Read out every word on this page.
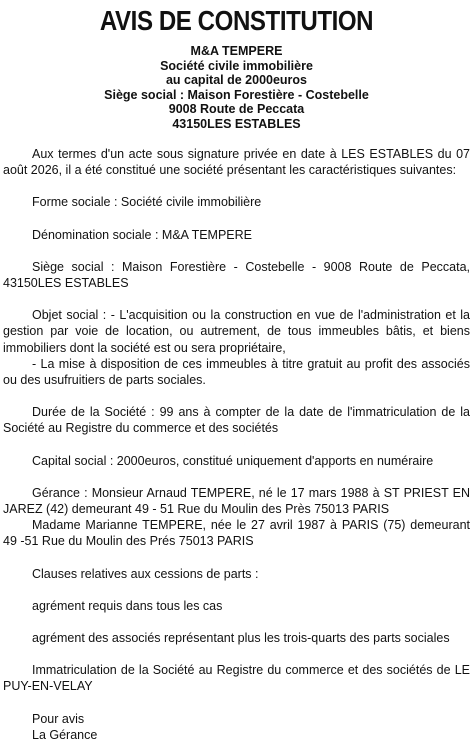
AVIS DE CONSTITUTION
M&A TEMPERE
Société civile immobilière
au capital de 2000euros
Siège social : Maison Forestière - Costebelle
9008 Route de Peccata
43150LES ESTABLES

Aux termes d'un acte sous signature privée en date à LES ESTABLES du 07 août 2026, il a été constitué une société présentant les caractéristiques suivantes:

Forme sociale : Société civile immobilière

Dénomination sociale : M&A TEMPERE

Siège social : Maison Forestière - Costebelle - 9008 Route de Peccata, 43150LES ESTABLES

Objet social : - L'acquisition ou la construction en vue de l'administration et la gestion par voie de location, ou autrement, de tous immeubles bâtis, et biens immobiliers dont la société est ou sera propriétaire,

- La mise à disposition de ces immeubles à titre gratuit au profit des associés ou des usufruitiers de parts sociales.

Durée de la Société : 99 ans à compter de la date de l'immatriculation de la Société au Registre du commerce et des sociétés

Capital social : 2000euros, constitué uniquement d'apports en numéraire

Gérance : Monsieur Arnaud TEMPERE, né le 17 mars 1988 à ST PRIEST EN JAREZ (42) demeurant 49 - 51 Rue du Moulin des Près 75013 PARIS

Madame Marianne TEMPERE, née le 27 avril 1987 à PARIS (75) demeurant 49 -51 Rue du Moulin des Prés 75013 PARIS

Clauses relatives aux cessions de parts :

agrément requis dans tous les cas

agrément des associés représentant plus les trois-quarts des parts sociales

Immatriculation de la Société au Registre du commerce et des sociétés de LE PUY-EN-VELAY

Pour avis

La Gérance
